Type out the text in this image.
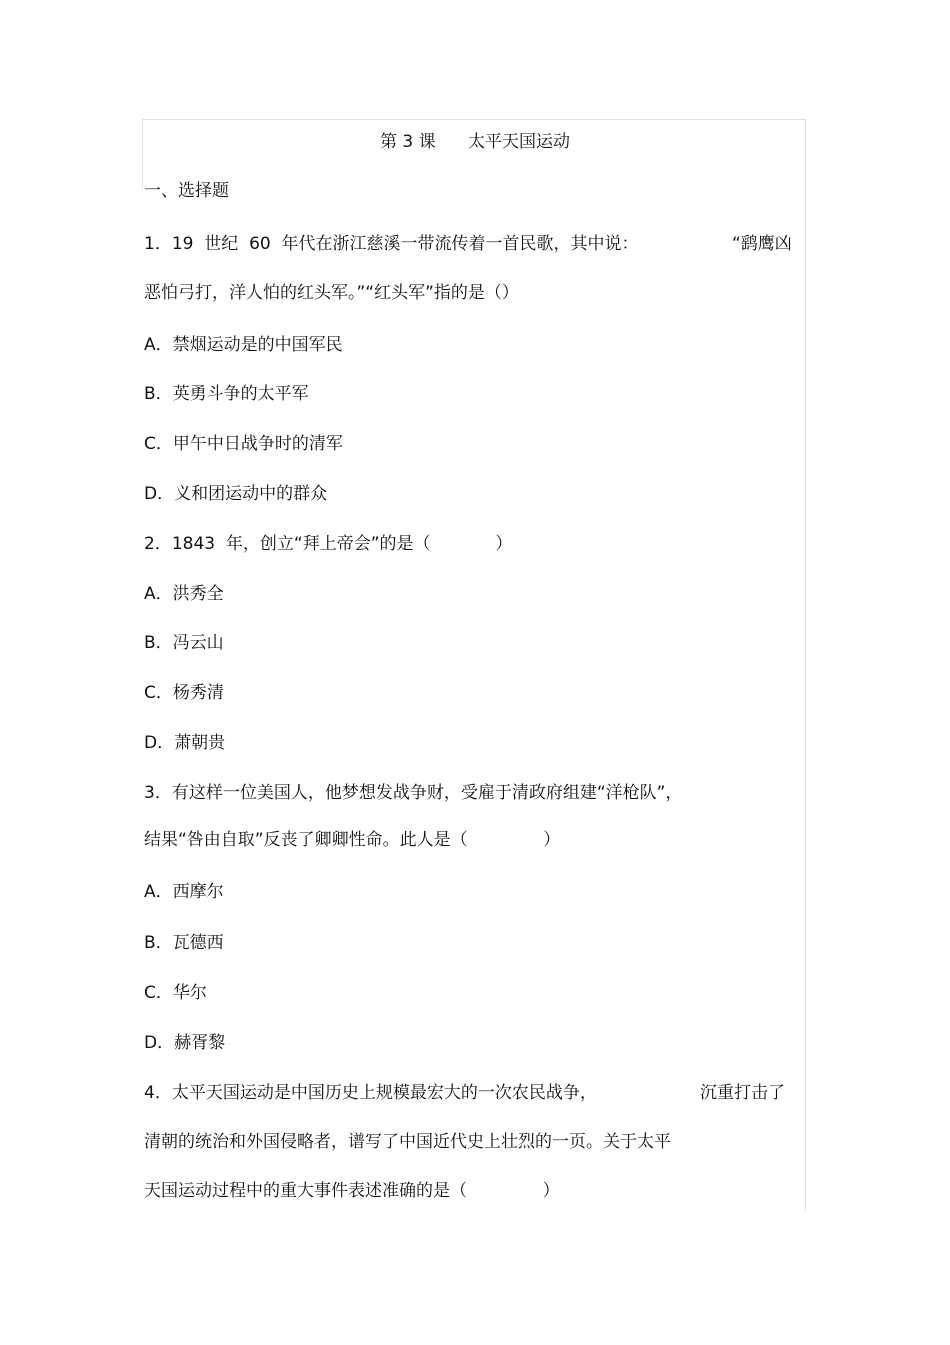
第 3 课 太平天国运动
一、选择题
1．19  世纪  60  年代在浙江慈溪一带流传着一首民歌，其中说：	“鹞鹰凶
恶怕弓打，洋人怕的红头军。”“红头军”指的是（）
A．禁烟运动是的中国军民
B．英勇斗争的太平军
C．甲午中日战争时的清军
D．义和团运动中的群众
2．1843  年，创立“拜上帝会”的是（            ）
A．洪秀全
B．冯云山
C．杨秀清
D．萧朝贵
3．有这样一位美国人，他梦想发战争财，受雇于清政府组建“洋枪队”，
结果“咎由自取”反丧了卿卿性命。此人是（              ）
A．西摩尔
B．瓦德西
C．华尔
D．赫胥黎
4．太平天国运动是中国历史上规模最宏大的一次农民战争，	沉重打击了
清朝的统治和外国侵略者，谱写了中国近代史上壮烈的一页。关于太平
天国运动过程中的重大事件表述准确的是（              ）
